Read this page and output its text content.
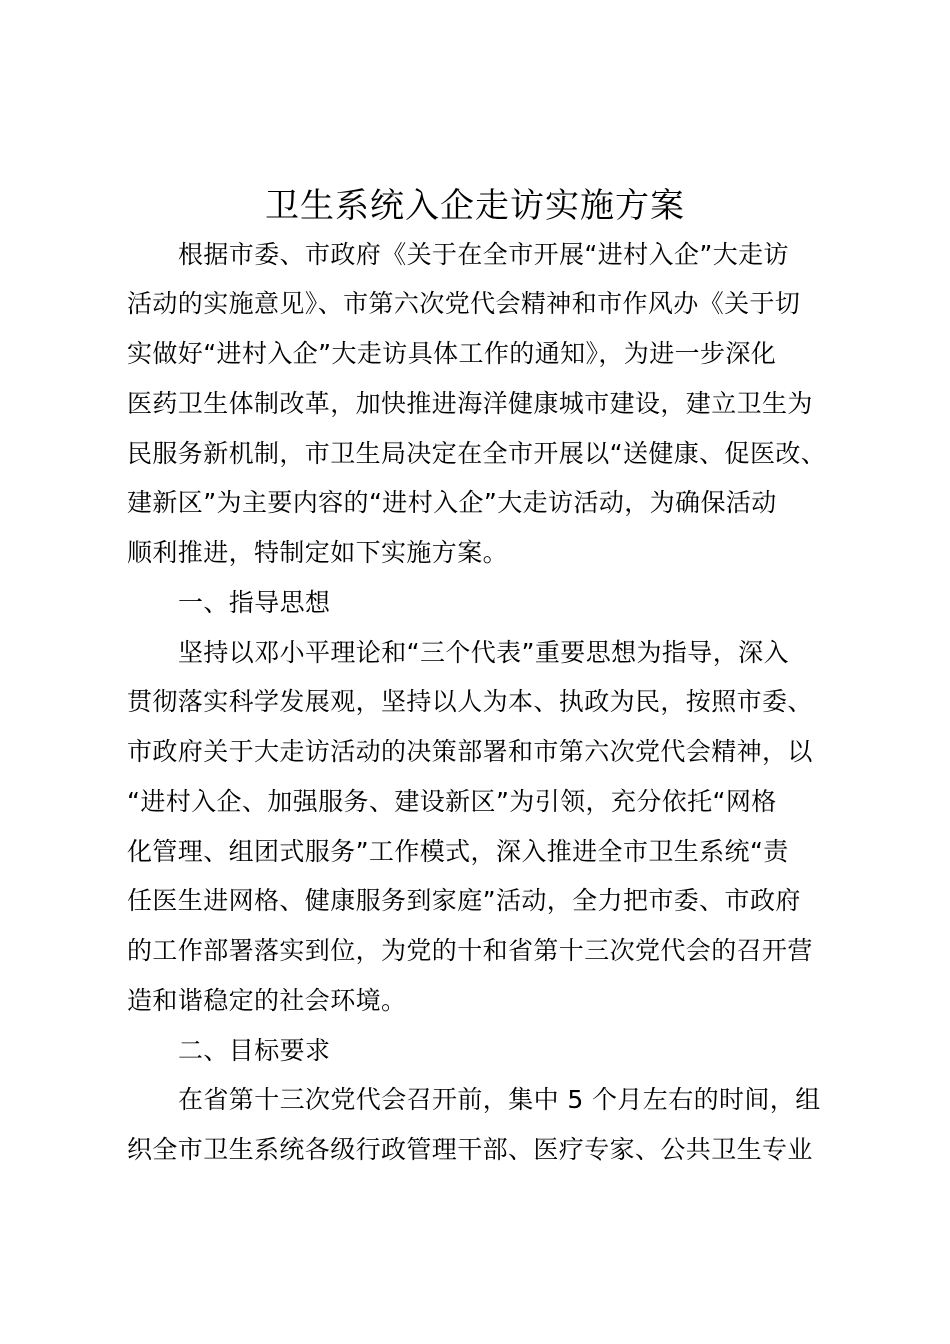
卫生系统入企走访实施方案
根据市委、市政府《关于在全市开展“进村入企”大走访
活动的实施意见》、市第六次党代会精神和市作风办《关于切
实做好“进村入企”大走访具体工作的通知》，为进一步深化
医药卫生体制改革，加快推进海洋健康城市建设，建立卫生为
民服务新机制，市卫生局决定在全市开展以“送健康、促医改、
建新区”为主要内容的“进村入企”大走访活动，为确保活动
顺利推进，特制定如下实施方案。
一、指导思想
坚持以邓小平理论和“三个代表”重要思想为指导，深入
贯彻落实科学发展观，坚持以人为本、执政为民，按照市委、
市政府关于大走访活动的决策部署和市第六次党代会精神，以
“进村入企、加强服务、建设新区”为引领，充分依托“网格
化管理、组团式服务”工作模式，深入推进全市卫生系统“责
任医生进网格、健康服务到家庭”活动，全力把市委、市政府
的工作部署落实到位，为党的十和省第十三次党代会的召开营
造和谐稳定的社会环境。
二、目标要求
在省第十三次党代会召开前，集中 5 个月左右的时间，组
织全市卫生系统各级行政管理干部、医疗专家、公共卫生专业
